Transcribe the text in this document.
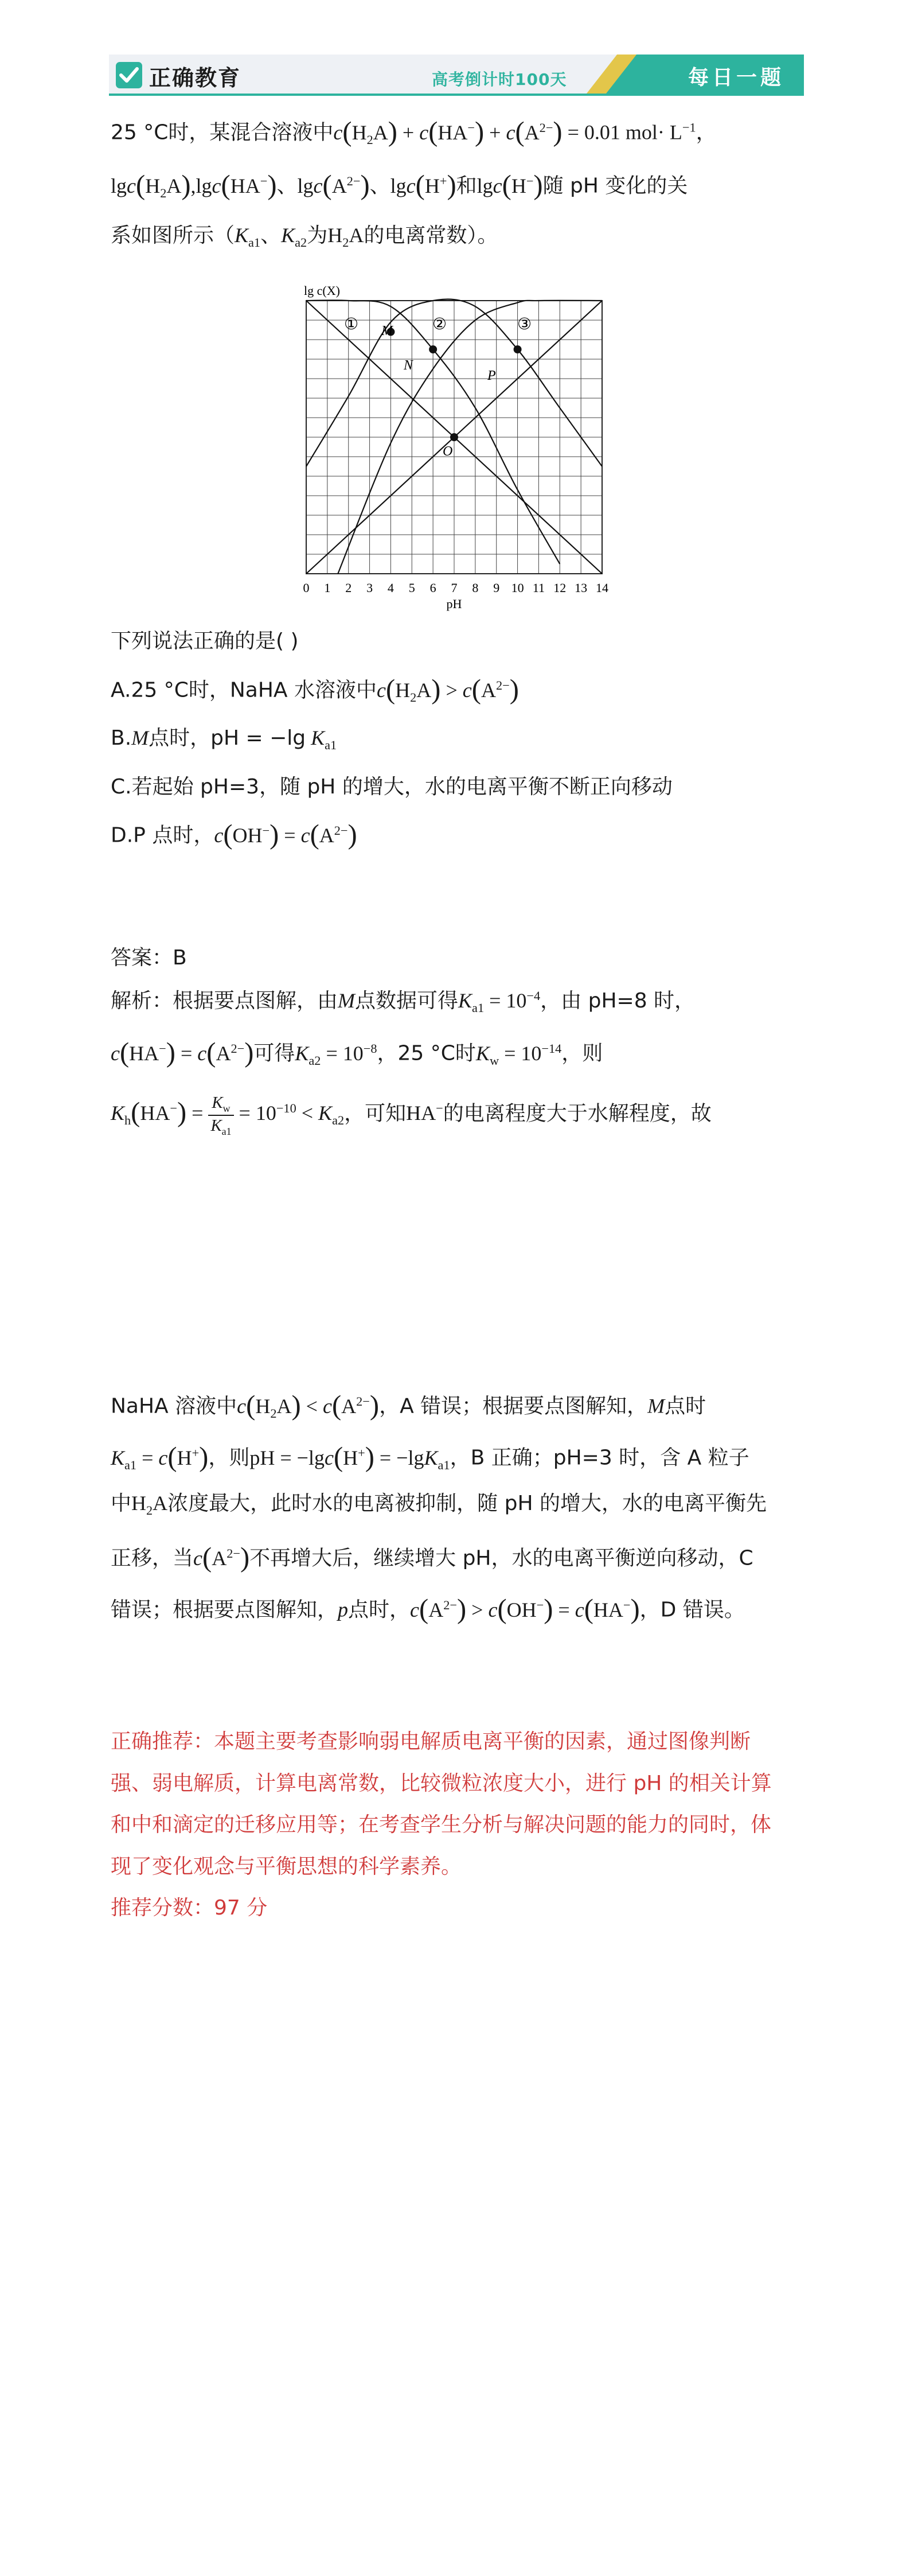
正确教育	高考倒计时100天	每日一题
25 °C时，某混合溶液中$c(H_2A) + c(HA^-) + c(A^{2-}) = 0.01$ $mol\cdot L^{-1}$，
$\lg c(H_2A),\lg c(HA^-)$、$\lg c(A^{2-})$、lgc(H+)和lgc(H−)随 pH 变化的关
系如图所示（$K_{a1}$、$K_{a2}$为$H_2A$的电离常数）。
0 1 2 3 4 5 6 7 8 9 10 11 12 13 14
lg c(X)
pH
①	②	③
M
N
O
P
下列说法正确的是( )
A.25 °C时，NaHA 水溶液中$c(H_2A) > c(A^{2-})$
B.M点时，pH = −lg $K_{a1}$
C.若起始 pH=3，随 pH 的增大，水的电离平衡不断正向移动
D.P 点时，$c(OH^-) = c(A^{2-})$
答案：B
解析：根据要点图解，由M点数据可得$K_{a1} = 10^{-4}$，由 pH=8 时，
$c(HA^-) = c(A^{2-})$可得$K_{a2} = 10^{-8}$，25 °C时$K_w = 10^{-14}$，则
$K_h(HA^-) = \frac{K_w}{K_{a1}} = 10^{-10} < K_{a2}$，可知HA−的电离程度大于水解程度，故
NaHA 溶液中$c(H_2A) < c(A^{2-})$，A 错误；根据要点图解知，M点时
$K_{a1} = c(H^+)$，则pH = −lgc(H+) = −lgK$_{a1}$，B 正确；pH=3 时，含 A 粒子
中$H_2A$浓度最大，此时水的电离被抑制，随 pH 的增大，水的电离平衡先
正移，当$c(A^{2-})$不再增大后，继续增大 pH，水的电离平衡逆向移动，C
错误；根据要点图解知，p点时，$c(A^{2-}) > c(OH^-) = c(HA^-)$，D 错误。
正确推荐：本题主要考查影响弱电解质电离平衡的因素，通过图像判断
强、弱电解质，计算电离常数，比较微粒浓度大小，进行 pH 的相关计算
和中和滴定的迁移应用等；在考查学生分析与解决问题的能力的同时，体
现了变化观念与平衡思想的科学素养。
推荐分数：97 分
